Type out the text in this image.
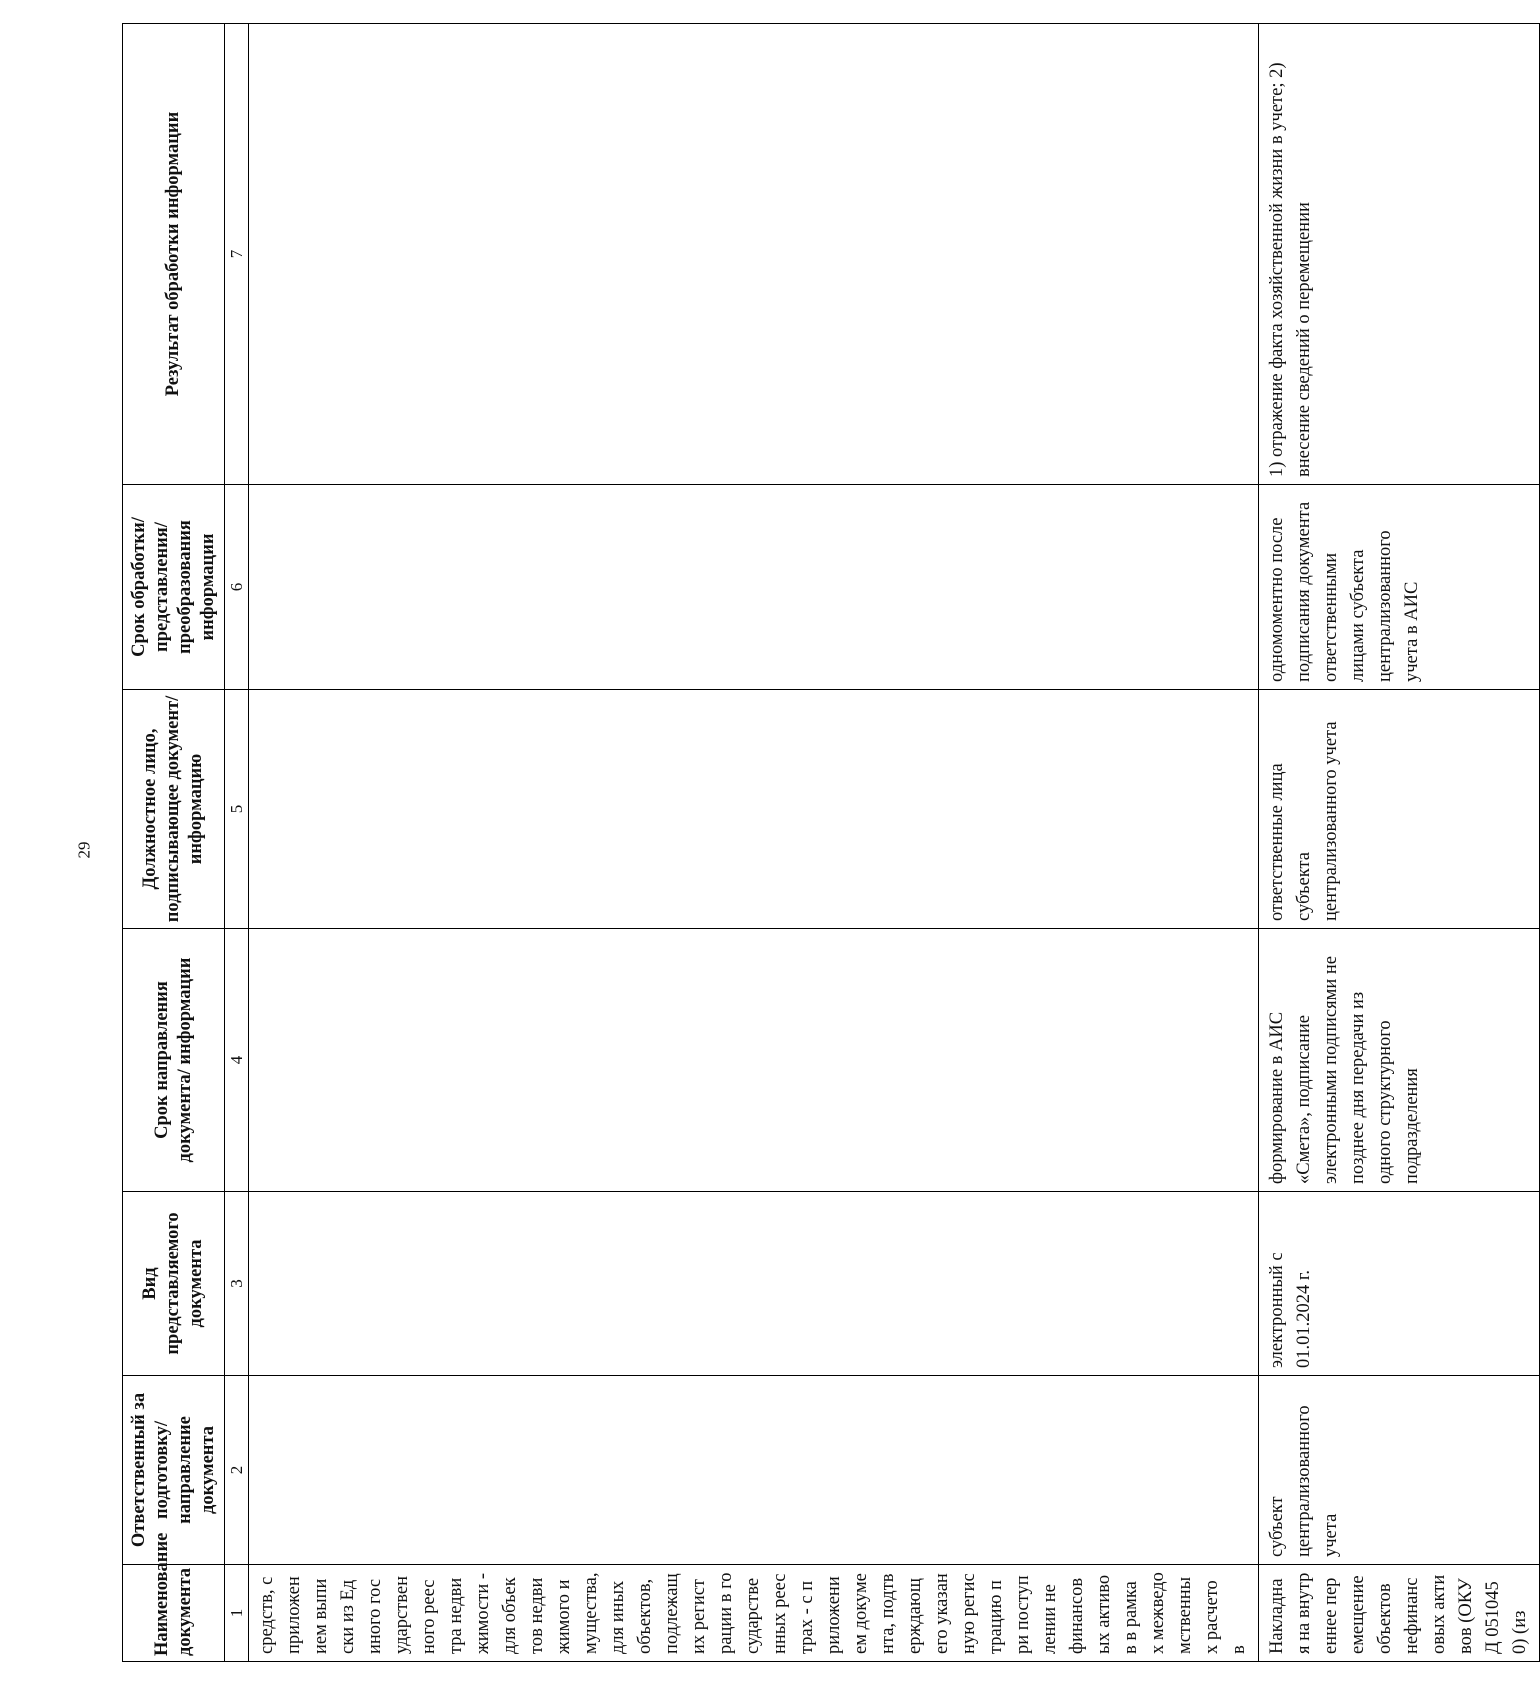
29
Наименование документа	Ответственный за подготовку/ направление документа	Вид представляемого документа	Срок направления документа/ информации	Должностное лицо, подписывающее документ/информацию	Срок обработки/ представления/ преобразования информации	Результат обработки информации
1	2	3	4	5	6	7
средств, с приложением выписки из Единого государственного реестра недвижимости - для объектов недвижимого имущества, для иных объектов, подлежащих регистрации в государственных реестрах - с приложением документа, подтверждающего указанную регистрацию при поступлении нефинансовых активов в рамках межведомственных расчетов						
Накладная на внутреннее перемещение объектов нефинансовых активов (ОКУД 0510450) (из	субъект централизованного учета	электронный с 01.01.2024 г.	формирование в АИС «Смета», подписание электронными подписями не позднее дня передачи из одного структурного подразделения	ответственные лица субъекта централизованного учета	одномоментно после подписания документа ответственными лицами субъекта централизованного учета в АИС	1) отражение факта хозяйственной жизни в учете; 2) внесение сведений о перемещении
